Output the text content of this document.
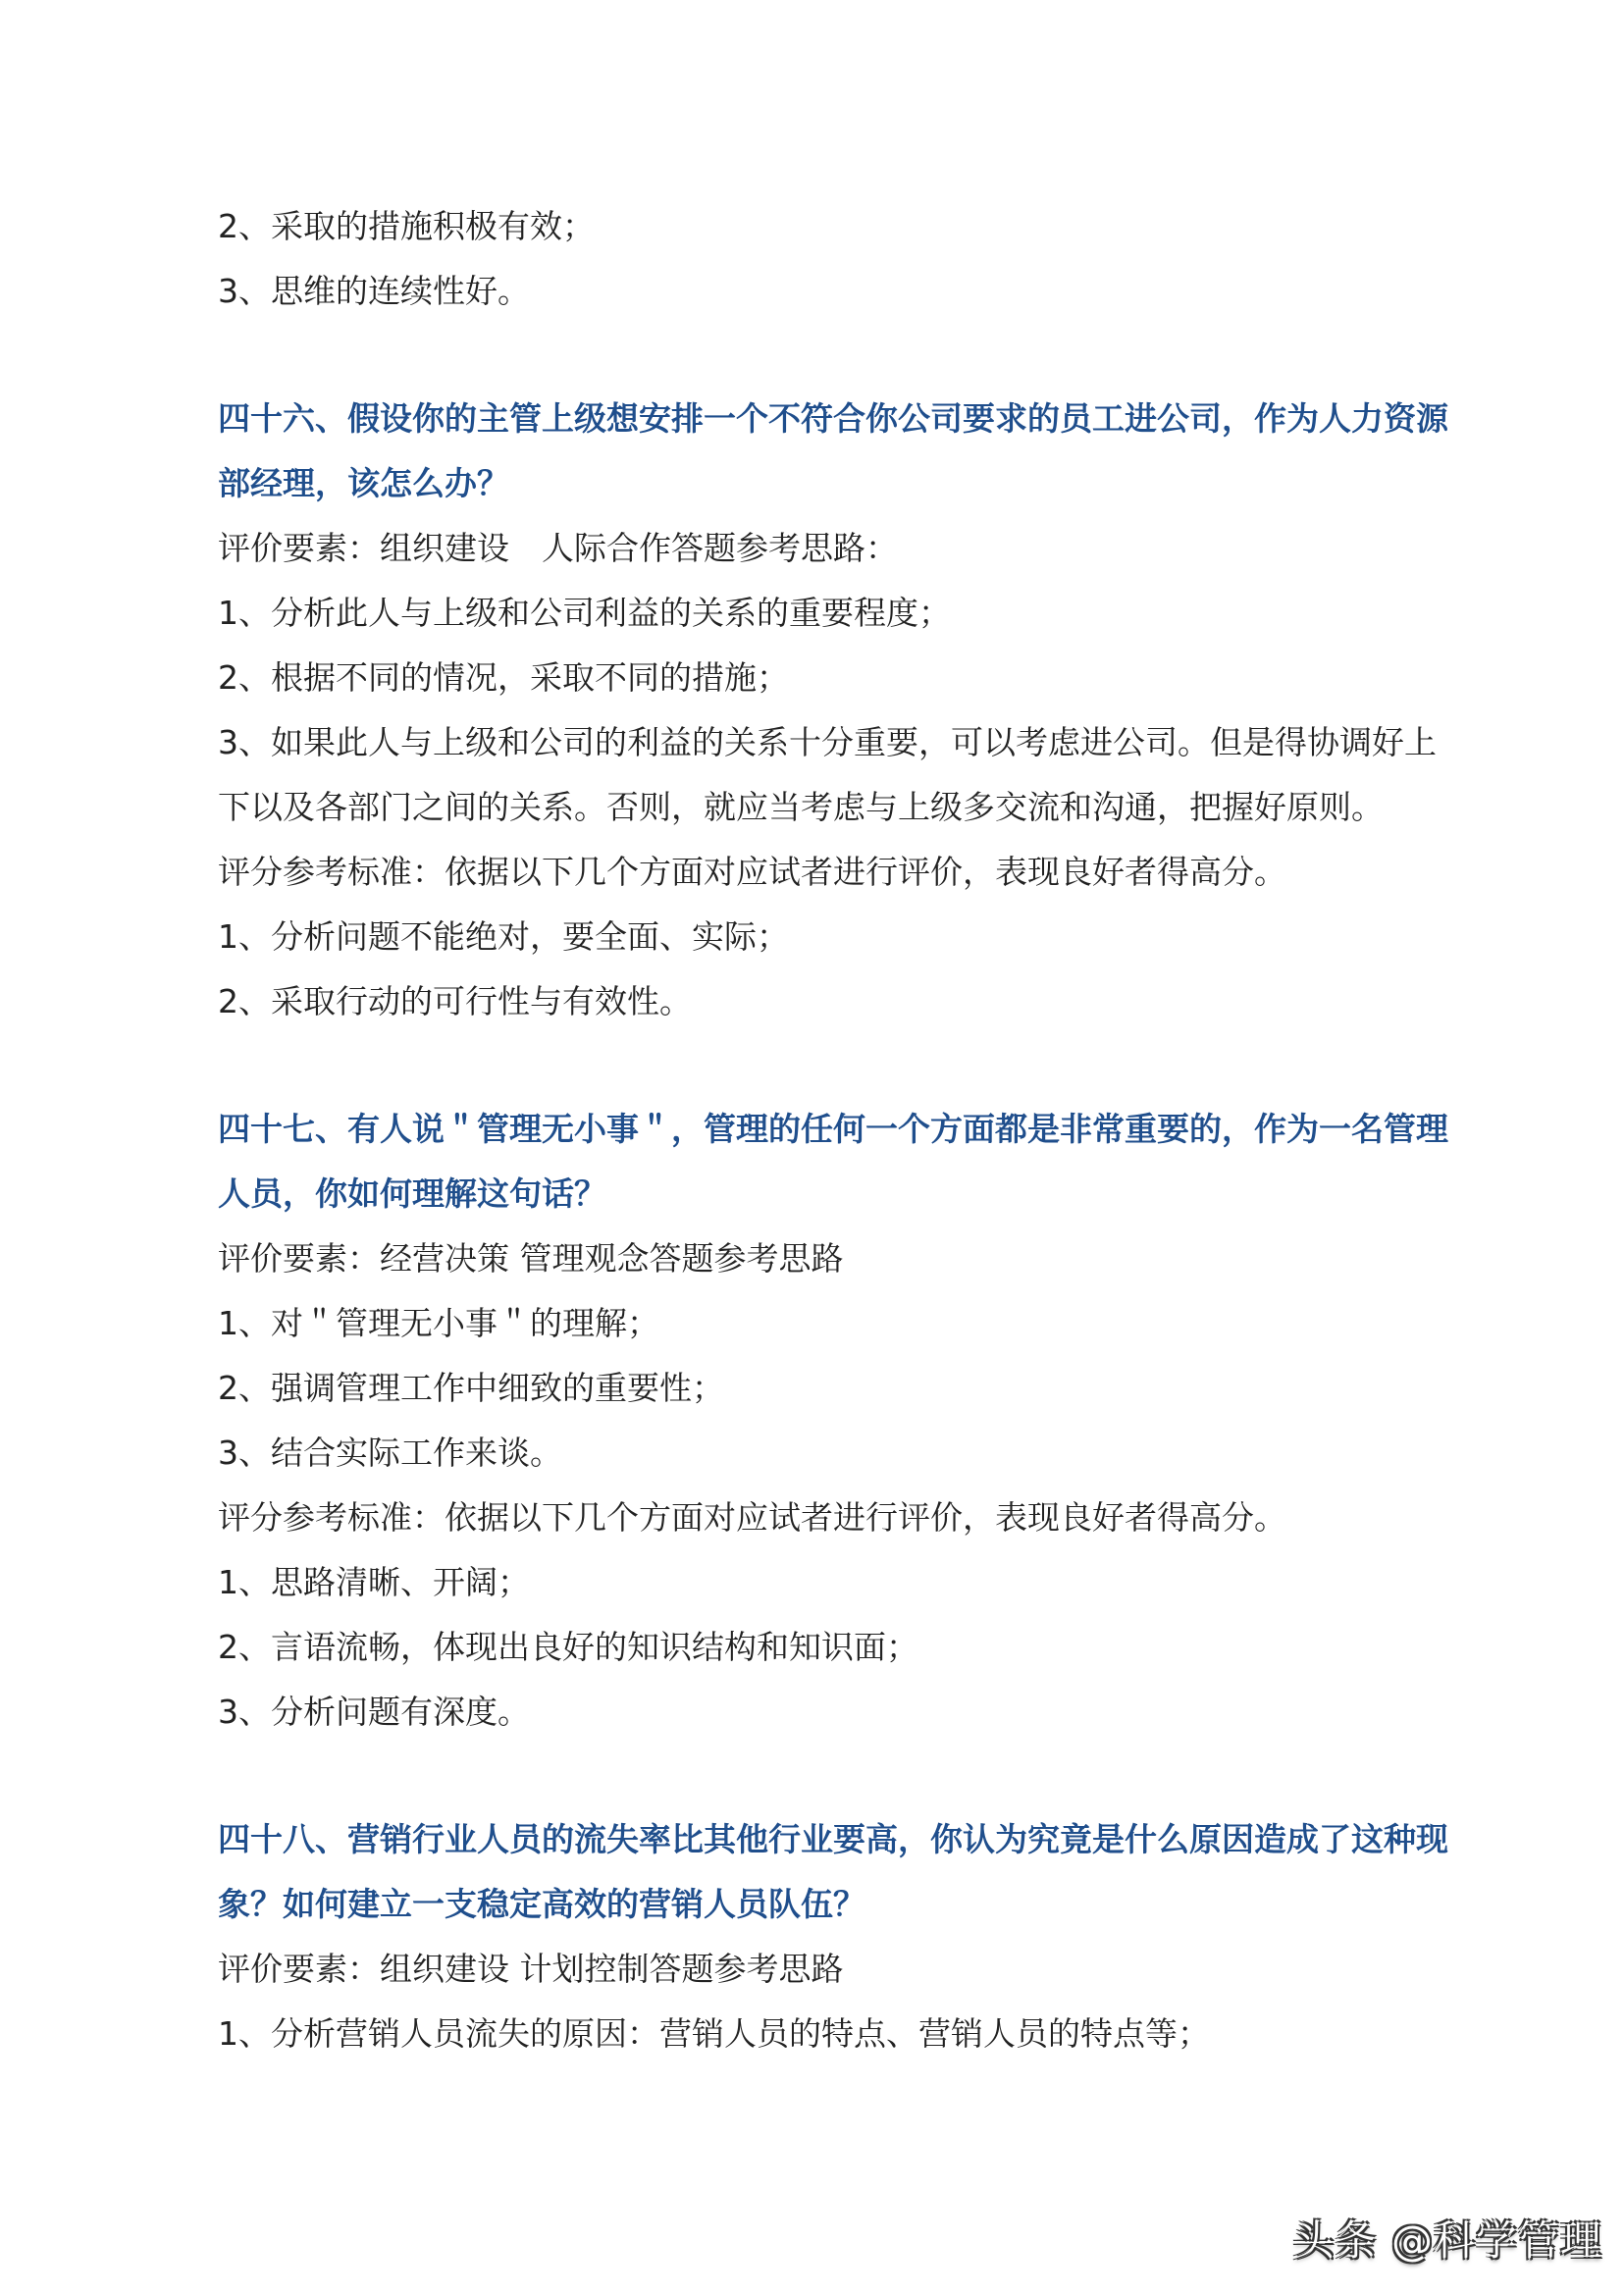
2、采取的措施积极有效；

3、思维的连续性好。

四十六、假设你的主管上级想安排一个不符合你公司要求的员工进公司，作为人力资源

部经理，该怎么办？

评价要素：组织建设　人际合作答题参考思路：

1、分析此人与上级和公司利益的关系的重要程度；

2、根据不同的情况，采取不同的措施；

3、如果此人与上级和公司的利益的关系十分重要，可以考虑进公司。但是得协调好上

下以及各部门之间的关系。否则，就应当考虑与上级多交流和沟通，把握好原则。

评分参考标准：依据以下几个方面对应试者进行评价，表现良好者得高分。

1、分析问题不能绝对，要全面、实际；

2、采取行动的可行性与有效性。

四十七、有人说＂管理无小事＂，管理的任何一个方面都是非常重要的，作为一名管理

人员，你如何理解这句话？

评价要素：经营决策 管理观念答题参考思路

1、对＂管理无小事＂的理解；

2、强调管理工作中细致的重要性；

3、结合实际工作来谈。

评分参考标准：依据以下几个方面对应试者进行评价，表现良好者得高分。

1、思路清晰、开阔；

2、言语流畅，体现出良好的知识结构和知识面；

3、分析问题有深度。

四十八、营销行业人员的流失率比其他行业要高，你认为究竟是什么原因造成了这种现

象？如何建立一支稳定高效的营销人员队伍？

评价要素：组织建设 计划控制答题参考思路

1、分析营销人员流失的原因：营销人员的特点、营销人员的特点等；

头条 @科学管理
